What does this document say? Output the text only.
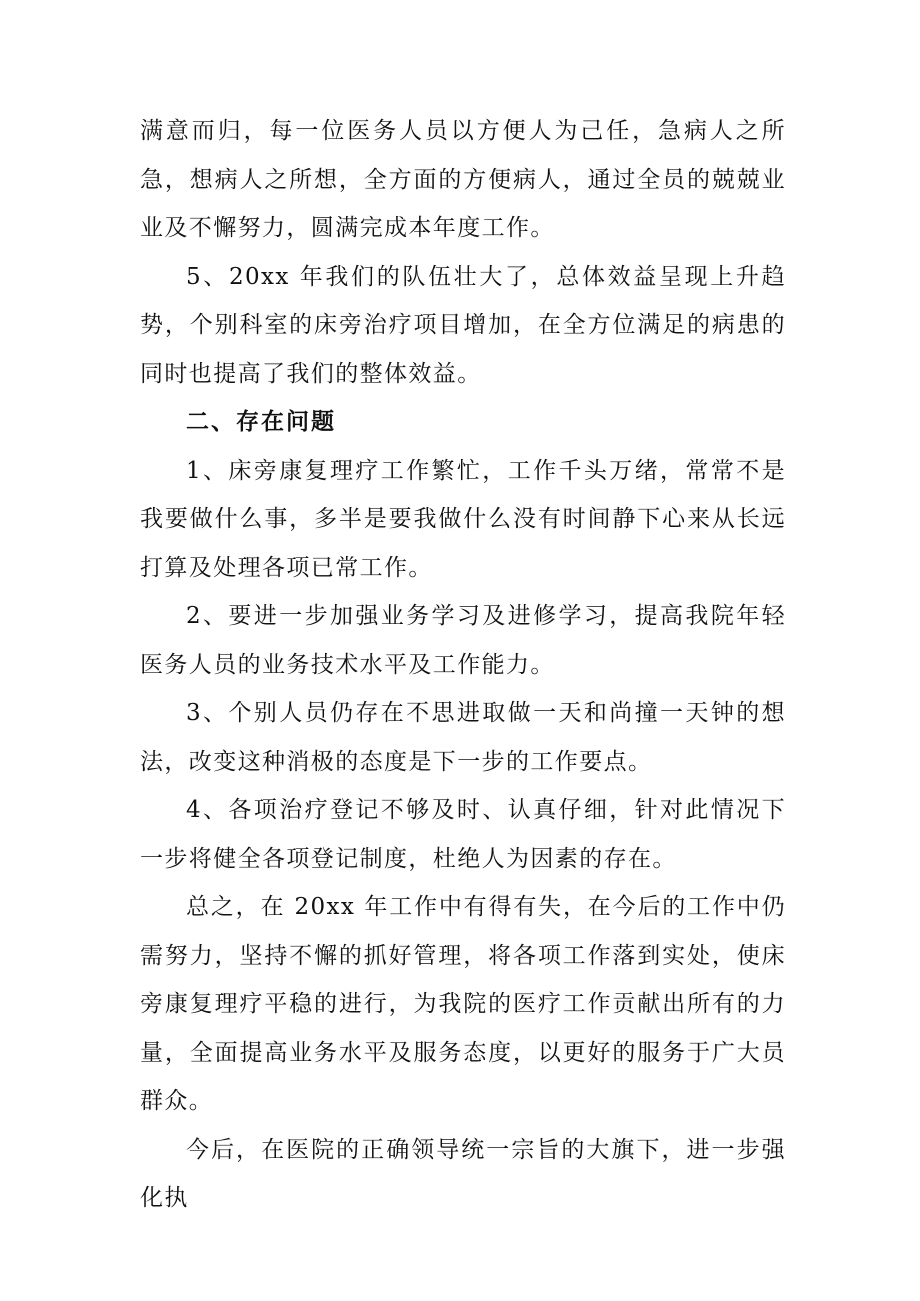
满意而归，每一位医务人员以方便人为己任，急病人之所急，想病人之所想，全方面的方便病人，通过全员的兢兢业业及不懈努力，圆满完成本年度工作。

5、20xx 年我们的队伍壮大了，总体效益呈现上升趋势，个别科室的床旁治疗项目增加，在全方位满足的病患的同时也提高了我们的整体效益。

二、存在问题

1、床旁康复理疗工作繁忙，工作千头万绪，常常不是我要做什么事，多半是要我做什么没有时间静下心来从长远打算及处理各项已常工作。

2、要进一步加强业务学习及进修学习，提高我院年轻医务人员的业务技术水平及工作能力。

3、个别人员仍存在不思进取做一天和尚撞一天钟的想法，改变这种消极的态度是下一步的工作要点。

4、各项治疗登记不够及时、认真仔细，针对此情况下一步将健全各项登记制度，杜绝人为因素的存在。

总之，在 20xx 年工作中有得有失，在今后的工作中仍需努力，坚持不懈的抓好管理，将各项工作落到实处，使床旁康复理疗平稳的进行，为我院的医疗工作贡献出所有的力量，全面提高业务水平及服务态度，以更好的服务于广大员群众。

今后，在医院的正确领导统一宗旨的大旗下，进一步强化执
